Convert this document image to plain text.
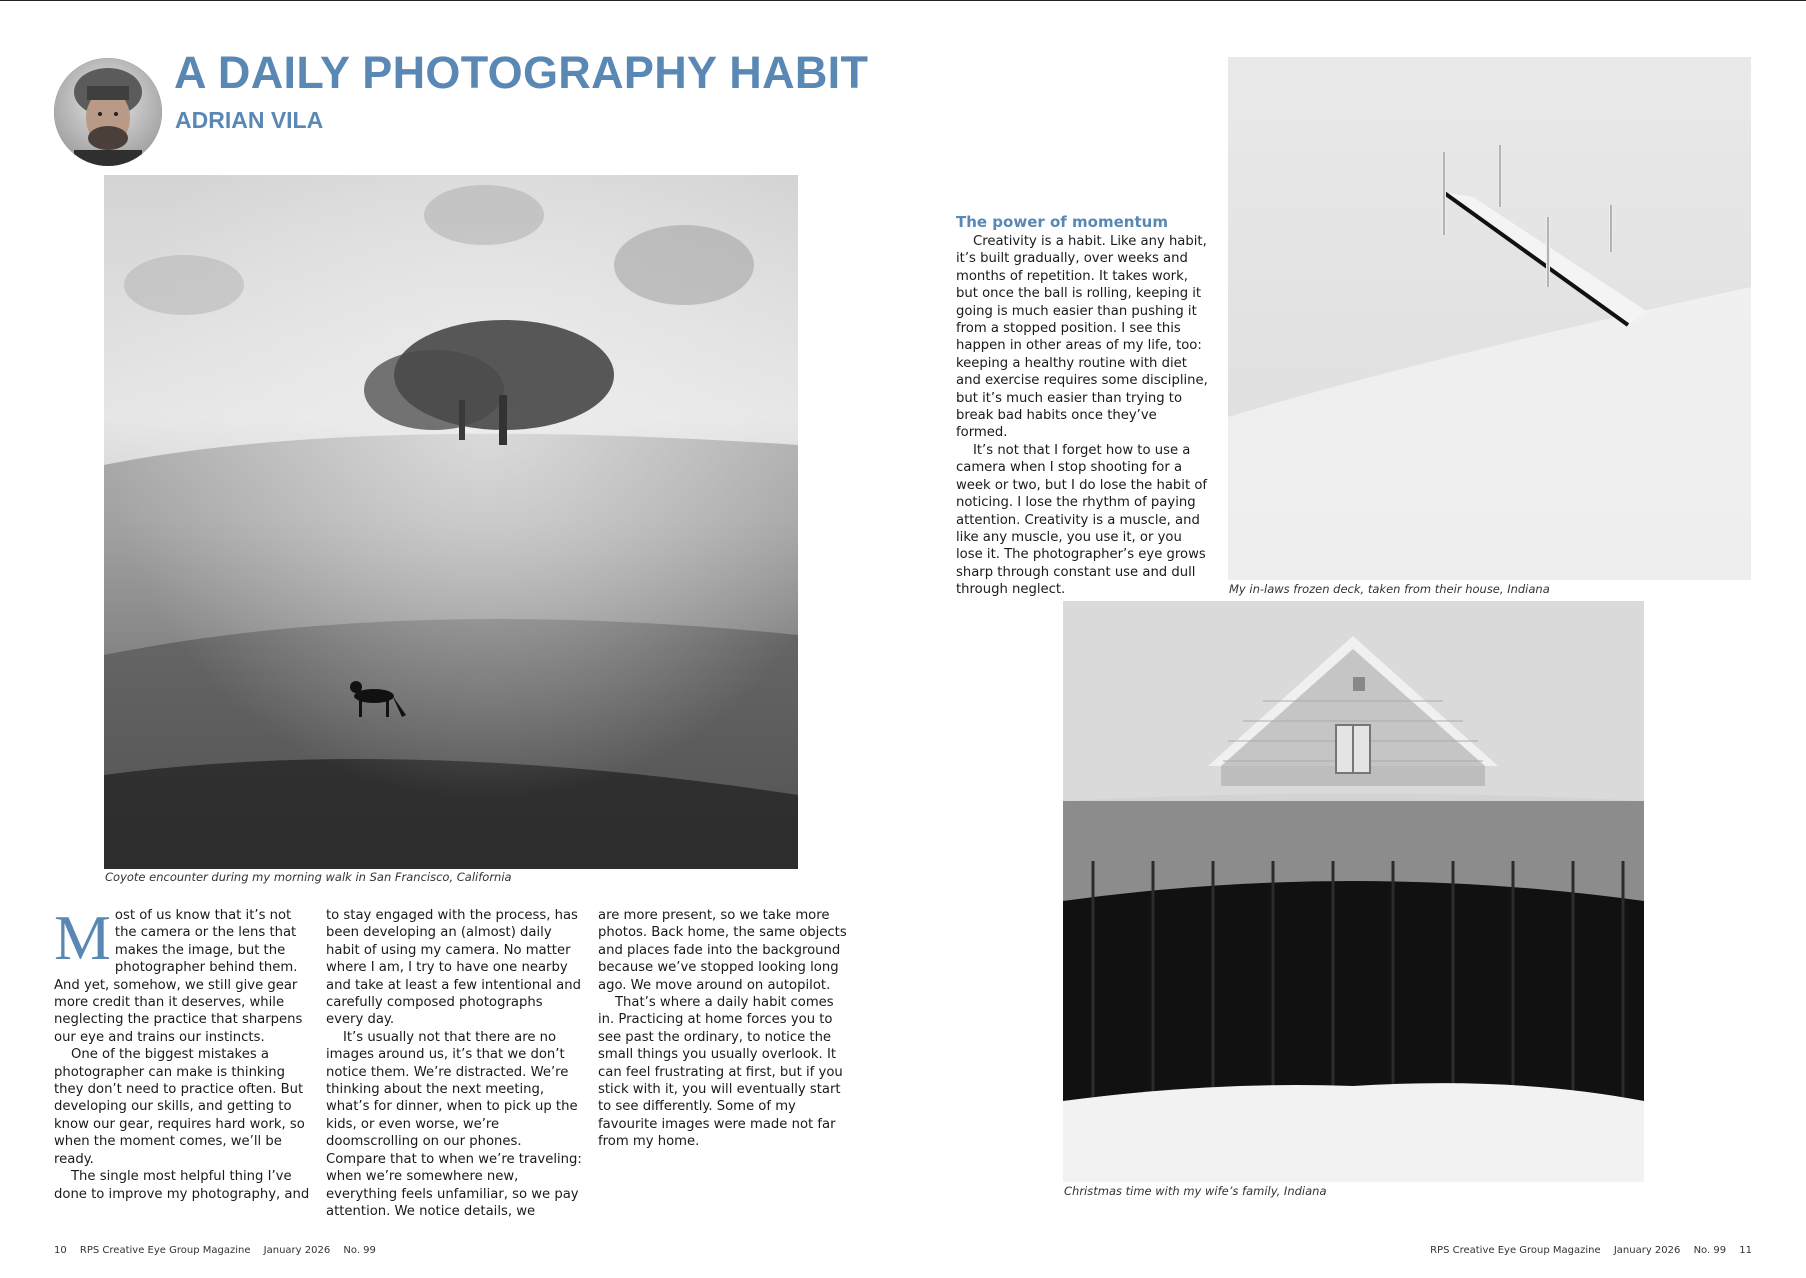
A DAILY PHOTOGRAPHY HABIT
ADRIAN VILA
Coyote encounter during my morning walk in San Francisco, California
My in-laws frozen deck, taken from their house, Indiana
Christmas time with my wife’s family, Indiana
M ost of us know that it’s not the camera or the lens that makes the image, but the photographer behind them. And yet, somehow, we still give gear more credit than it deserves, while neglecting the practice that sharpens our eye and trains our instincts.

One of the biggest mistakes a photographer can make is thinking they don’t need to practice often. But developing our skills, and getting to know our gear, requires hard work, so when the moment comes, we’ll be ready.

The single most helpful thing I’ve done to improve my photography, and

to stay engaged with the process, has been developing an (almost) daily habit of using my camera. No matter where I am, I try to have one nearby and take at least a few intentional and carefully composed photographs every day.

It’s usually not that there are no images around us, it’s that we don’t notice them. We’re distracted. We’re thinking about the next meeting, what’s for dinner, when to pick up the kids, or even worse, we’re doomscrolling on our phones. Compare that to when we’re traveling: when we’re somewhere new, everything feels unfamiliar, so we pay attention. We notice details, we

are more present, so we take more photos. Back home, the same objects and places fade into the background because we’ve stopped looking long ago. We move around on autopilot.

That’s where a daily habit comes in. Practicing at home forces you to see past the ordinary, to notice the small things you usually overlook. It can feel frustrating at first, but if you stick with it, you will eventually start to see differently. Some of my favourite images were made not far from my home.

The power of momentum

Creativity is a habit. Like any habit, it’s built gradually, over weeks and months of repetition. It takes work, but once the ball is rolling, keeping it going is much easier than pushing it from a stopped position. I see this happen in other areas of my life, too: keeping a healthy routine with diet and exercise requires some discipline, but it’s much easier than trying to break bad habits once they’ve formed.

It’s not that I forget how to use a camera when I stop shooting for a week or two, but I do lose the habit of noticing. I lose the rhythm of paying attention. Creativity is a muscle, and like any muscle, you use it, or you lose it. The photographer’s eye grows sharp through constant use and dull through neglect.

10 RPS Creative Eye Group Magazine January 2026 No. 99	RPS Creative Eye Group Magazine January 2026 No. 99 11
